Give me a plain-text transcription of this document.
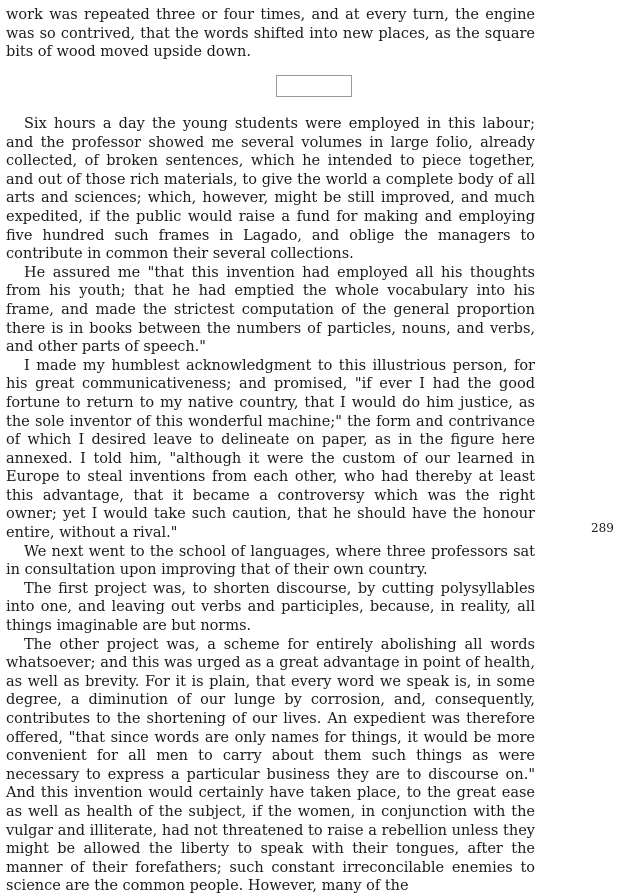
work was repeated three or four times, and at every turn, the engine was so contrived, that the words shifted into new places, as the square bits of wood moved upside down.

Six hours a day the young students were employed in this labour; and the professor showed me several volumes in large folio, already collected, of broken sentences, which he intended to piece together, and out of those rich materials, to give the world a complete body of all arts and sciences; which, however, might be still improved, and much expedited, if the public would raise a fund for making and employing five hundred such frames in Lagado, and oblige the managers to contribute in common their several collections.

He assured me "that this invention had employed all his thoughts from his youth; that he had emptied the whole vocabulary into his frame, and made the strictest computation of the general proportion there is in books between the numbers of particles, nouns, and verbs, and other parts of speech."

I made my humblest acknowledgment to this illustrious person, for his great communicativeness; and promised, "if ever I had the good fortune to return to my native country, that I would do him justice, as the sole inventor of this wonderful machine;" the form and contrivance of which I desired leave to delineate on paper, as in the figure here annexed. I told him, "although it were the custom of our learned in Europe to steal inventions from each other, who had thereby at least this advantage, that it became a controversy which was the right owner; yet I would take such caution, that he should have the honour entire, without a rival."

We next went to the school of languages, where three professors sat in consultation upon improving that of their own country.

The first project was, to shorten discourse, by cutting polysyllables into one, and leaving out verbs and participles, because, in reality, all things imaginable are but norms.

The other project was, a scheme for entirely abolishing all words whatsoever; and this was urged as a great advantage in point of health, as well as brevity. For it is plain, that every word we speak is, in some degree, a diminution of our lunge by corrosion, and, consequently, contributes to the shortening of our lives. An expedient was therefore offered, "that since words are only names for things, it would be more convenient for all men to carry about them such things as were necessary to express a particular business they are to discourse on." And this invention would certainly have taken place, to the great ease as well as health of the subject, if the women, in conjunction with the vulgar and illiterate, had not threatened to raise a rebellion unless they might be allowed the liberty to speak with their tongues, after the manner of their forefathers; such constant irreconcilable enemies to science are the common people. However, many of the

289
